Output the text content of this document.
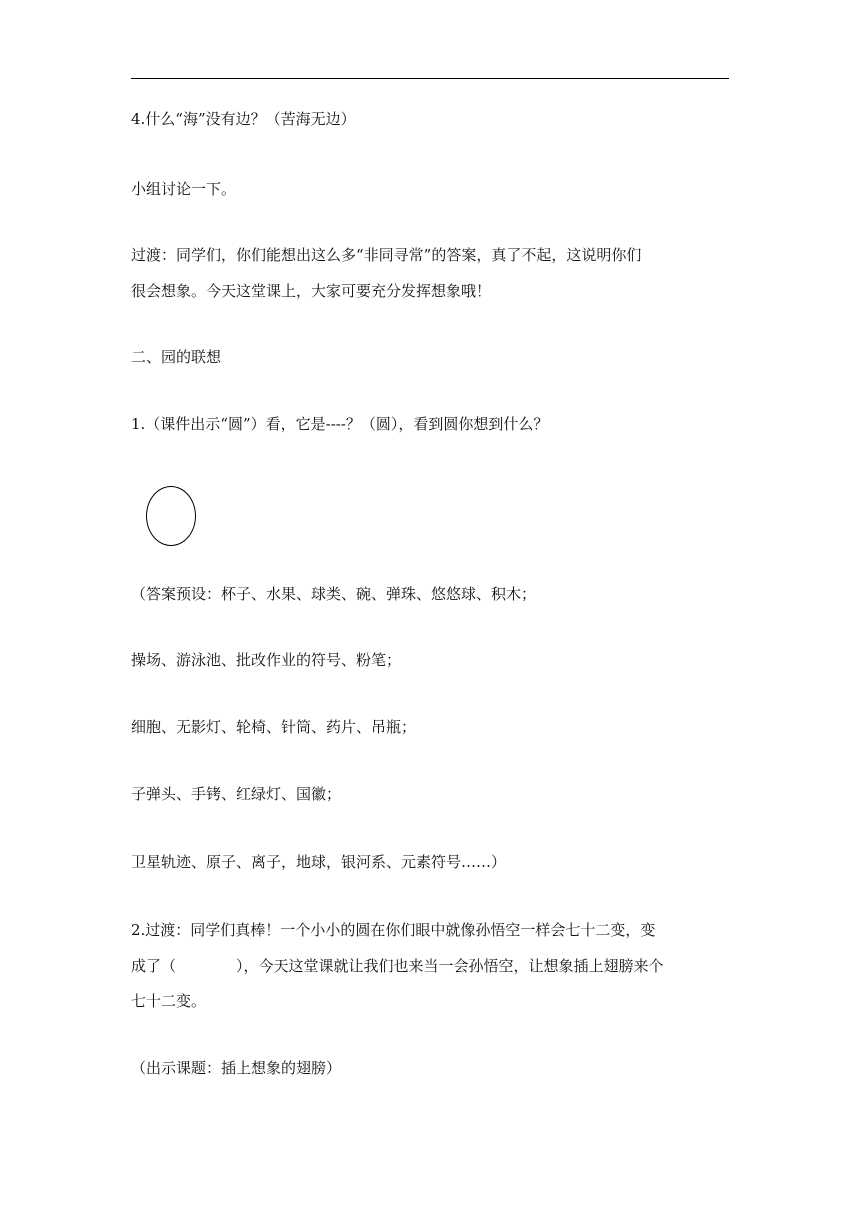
4.什么“海”没有边？（苦海无边）

小组讨论一下。

过渡：同学们，你们能想出这么多“非同寻常”的答案，真了不起，这说明你们

很会想象。今天这堂课上，大家可要充分发挥想象哦！

二、园的联想

1.（课件出示“圆”）看，它是----？（圆），看到圆你想到什么？

（答案预设：杯子、水果、球类、碗、弹珠、悠悠球、积木；

操场、游泳池、批改作业的符号、粉笔；

细胞、无影灯、轮椅、针筒、药片、吊瓶；

子弹头、手铐、红绿灯、国徽；

卫星轨迹、原子、离子，地球，银河系、元素符号……）

2.过渡：同学们真棒！一个小小的圆在你们眼中就像孙悟空一样会七十二变，变

成了（　　　　），今天这堂课就让我们也来当一会孙悟空，让想象插上翅膀来个

七十二变。

（出示课题：插上想象的翅膀）
